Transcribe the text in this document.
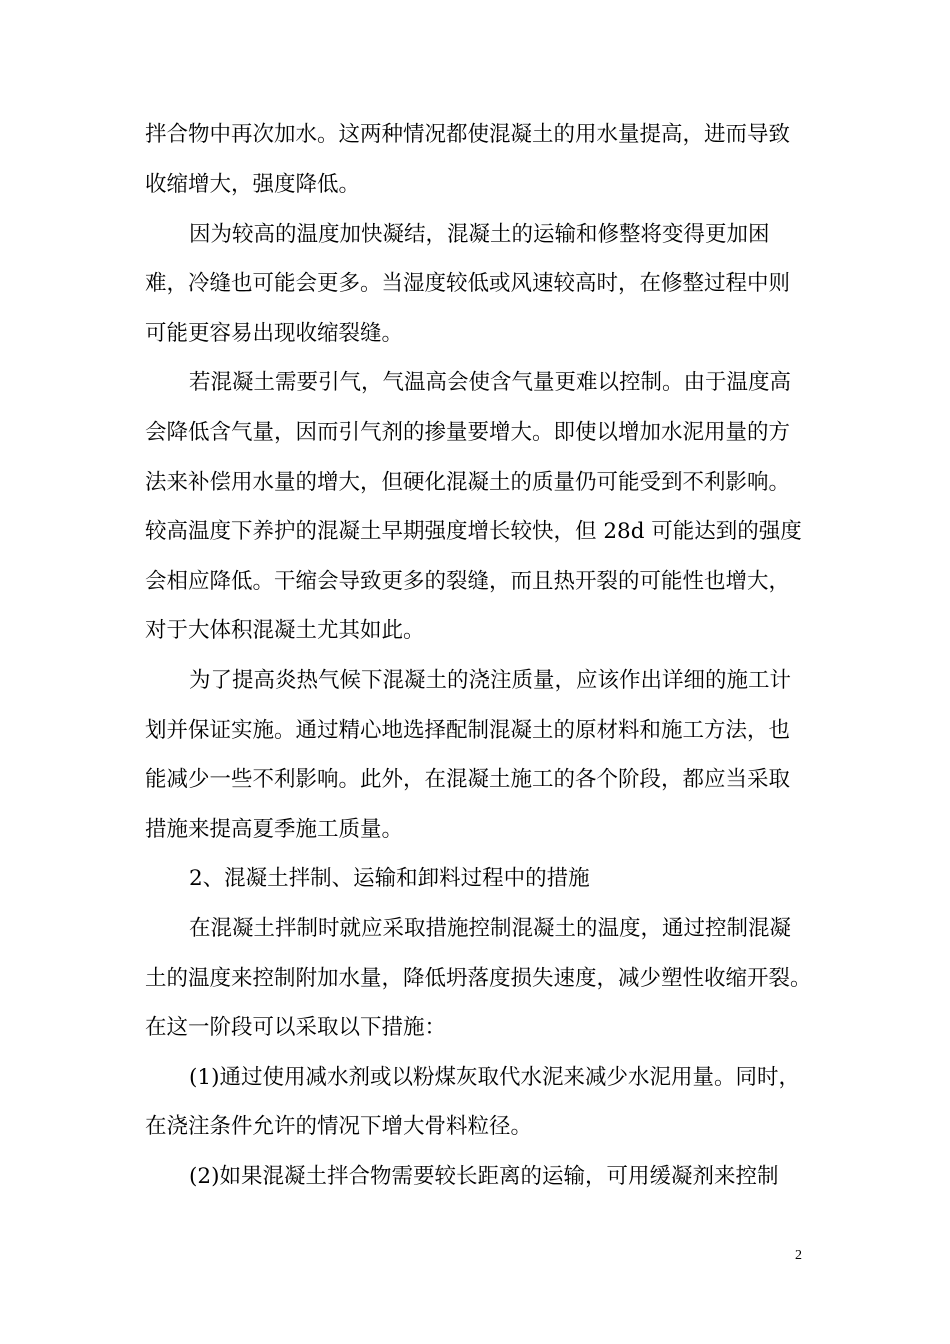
拌合物中再次加水。这两种情况都使混凝土的用水量提高，进而导致
收缩增大，强度降低。
因为较高的温度加快凝结，混凝土的运输和修整将变得更加困
难，冷缝也可能会更多。当湿度较低或风速较高时，在修整过程中则
可能更容易出现收缩裂缝。
若混凝土需要引气，气温高会使含气量更难以控制。由于温度高
会降低含气量，因而引气剂的掺量要增大。即使以增加水泥用量的方
法来补偿用水量的增大，但硬化混凝土的质量仍可能受到不利影响。
较高温度下养护的混凝土早期强度增长较快，但 28d 可能达到的强度
会相应降低。干缩会导致更多的裂缝，而且热开裂的可能性也增大，
对于大体积混凝土尤其如此。
为了提高炎热气候下混凝土的浇注质量，应该作出详细的施工计
划并保证实施。通过精心地选择配制混凝土的原材料和施工方法，也
能减少一些不利影响。此外，在混凝土施工的各个阶段，都应当采取
措施来提高夏季施工质量。
2、混凝土拌制、运输和卸料过程中的措施
在混凝土拌制时就应采取措施控制混凝土的温度，通过控制混凝
土的温度来控制附加水量，降低坍落度损失速度，减少塑性收缩开裂。
在这一阶段可以采取以下措施：
(1)通过使用减水剂或以粉煤灰取代水泥来减少水泥用量。同时，
在浇注条件允许的情况下增大骨料粒径。
(2)如果混凝土拌合物需要较长距离的运输，可用缓凝剂来控制
2
